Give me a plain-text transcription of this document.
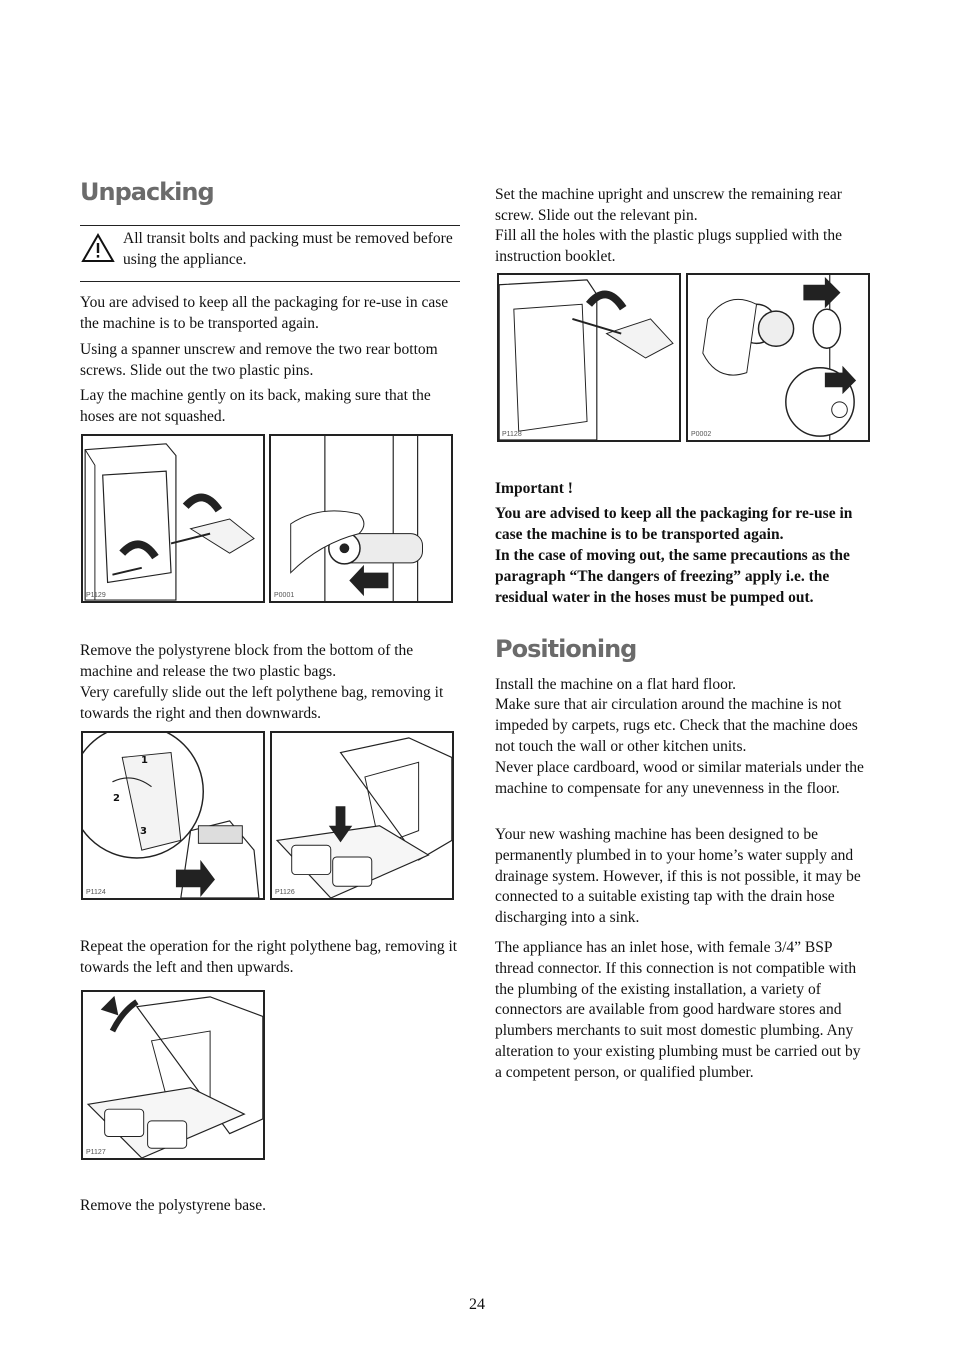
Unpacking

All transit bolts and packing must be removed before using the appliance.

You are advised to keep all the packaging for re-use in case the machine is to be transported again.

Using a spanner unscrew and remove the two rear bottom screws. Slide out the two plastic pins.

Lay the machine gently on its back, making sure that the hoses are not squashed.

P1129	P0001

Remove the polystyrene block from the bottom of the machine and release the two plastic bags.

Very carefully slide out the left polythene bag, removing it towards the right and then downwards.

1
2
3
P1124	P1126

Repeat the operation for the right polythene bag, removing it towards the left and then upwards.

P1127

Remove the polystyrene base.

Set the machine upright and unscrew the remaining rear screw. Slide out the relevant pin.

Fill all the holes with the plastic plugs supplied with the instruction booklet.

P1128	P0002

Important !

You are advised to keep all the packaging for re-use in case the machine is to be transported again.

In the case of moving out, the same precautions as the paragraph “The dangers of freezing” apply i.e. the residual water in the hoses must be pumped out.

Positioning

Install the machine on a flat hard floor.

Make sure that air circulation around the machine is not impeded by carpets, rugs etc. Check that the machine does not touch the wall or other kitchen units.

Never place cardboard, wood or similar materials under the machine to compensate for any unevenness in the floor.

Your new washing machine has been designed to be permanently plumbed in to your home’s water supply and drainage system. However, if this is not possible, it may be connected to a suitable existing tap with the drain hose discharging into a sink.

The appliance has an inlet hose, with female 3/4” BSP thread connector. If this connection is not compatible with the plumbing of the existing installation, a variety of connectors are available from good hardware stores and plumbers merchants to suit most domestic plumbing. Any alteration to your existing plumbing must be carried out by a competent person, or qualified plumber.

24
